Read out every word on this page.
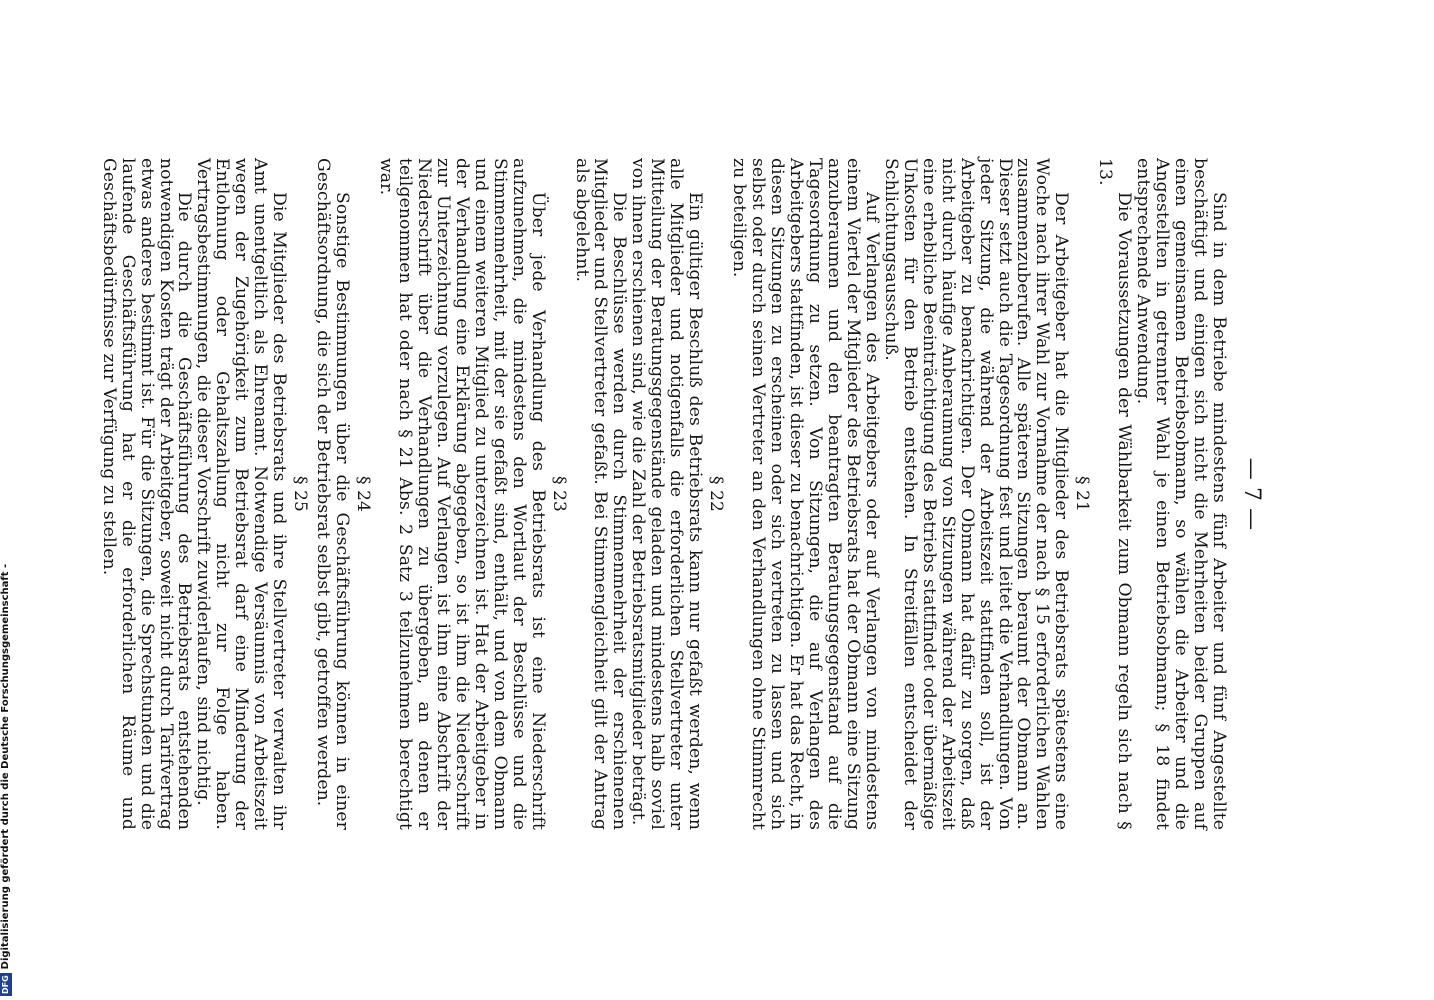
— 7 —

Sind in dem Betriebe mindestens fünf Arbeiter und fünf Angestellte beschäftigt und einigen sich nicht die Mehrheiten beider Gruppen auf einen gemeinsamen Betriebsobmann, so wählen die Arbeiter und die Angestellten in getrennter Wahl je einen Betriebsobmann; § 18 findet entsprechende Anwendung.

Die Voraussetzungen der Wählbarkeit zum Obmann regeln sich nach § 13.

§ 21

Der Arbeitgeber hat die Mitglieder des Betriebsrats spätestens eine Woche nach ihrer Wahl zur Vornahme der nach § 15 erforderlichen Wahlen zusammenzuberufen. Alle späteren Sitzungen beraumt der Obmann an. Dieser setzt auch die Tagesordnung fest und leitet die Verhandlungen. Von jeder Sitzung, die während der Arbeitszeit stattfinden soll, ist der Arbeitgeber zu benachrichtigen. Der Obmann hat dafür zu sorgen, daß nicht durch häufige Anberaumung von Sitzungen während der Arbeitszeit eine erhebliche Beeinträchtigung des Betriebs stattfindet oder übermäßige Unkosten für den Betrieb entstehen. In Streitfällen entscheidet der Schlichtungsausschuß.

Auf Verlangen des Arbeitgebers oder auf Verlangen von mindestens einem Viertel der Mitglieder des Betriebsrats hat der Obmann eine Sitzung anzuberaumen und den beantragten Beratungsgegenstand auf die Tagesordnung zu setzen. Von Sitzungen, die auf Verlangen des Arbeitgebers stattfinden, ist dieser zu benachrichtigen. Er hat das Recht, in diesen Sitzungen zu erscheinen oder sich vertreten zu lassen und sich selbst oder durch seinen Vertreter an den Verhandlungen ohne Stimmrecht zu beteiligen.

§ 22

Ein gültiger Beschluß des Betriebsrats kann nur gefaßt werden, wenn alle Mitglieder und notigenfalls die erforderlichen Stellvertreter unter Mitteilung der Beratungsgegenstände geladen und mindestens halb soviel von ihnen erschienen sind, wie die Zahl der Betriebsratsmitglieder beträgt.

Die Beschlüsse werden durch Stimmenmehrheit der erschienenen Mitglieder und Stellvertreter gefaßt. Bei Stimmengleichheit gilt der Antrag als abgelehnt.

§ 23

Über jede Verhandlung des Betriebsrats ist eine Niederschrift aufzunehmen, die mindestens den Wortlaut der Beschlüsse und die Stimmenmehrheit, mit der sie gefaßt sind, enthält, und von dem Obmann und einem weiteren Mitglied zu unterzeichnen ist. Hat der Arbeitgeber in der Verhandlung eine Erklärung abgegeben, so ist ihm die Niederschrift zur Unterzeichnung vorzulegen. Auf Verlangen ist ihm eine Abschrift der Niederschrift über die Verhandlungen zu übergeben, an denen er teilgenommen hat oder nach § 21 Abs. 2 Satz 3 teilzunehmen berechtigt war.

§ 24

Sonstige Bestimmungen über die Geschäftsführung können in einer Geschäftsordnung, die sich der Betriebsrat selbst gibt, getroffen werden.

§ 25

Die Mitglieder des Betriebsrats und ihre Stellvertreter verwalten ihr Amt unentgeltlich als Ehrenamt. Notwendige Versäumnis von Arbeitszeit wegen der Zugehörigkeit zum Betriebsrat darf eine Minderung der Entlohnung oder Gehaltszahlung nicht zur Folge haben. Vertragsbestimmungen, die dieser Vorschrift zuwiderlaufen, sind nichtig.

Die durch die Geschäftsführung des Betriebsrats entstehenden notwendigen Kosten trägt der Arbeitgeber, soweit nicht durch Tarifvertrag etwas anderes bestimmt ist. Für die Sitzungen, die Sprechstunden und die laufende Geschäftsführung hat er die erforderlichen Räume und Geschäftsbedürfnisse zur Verfügung zu stellen.

DFGDigitalisierung gefördert durch die Deutsche Forschungsgemeinschaft -
